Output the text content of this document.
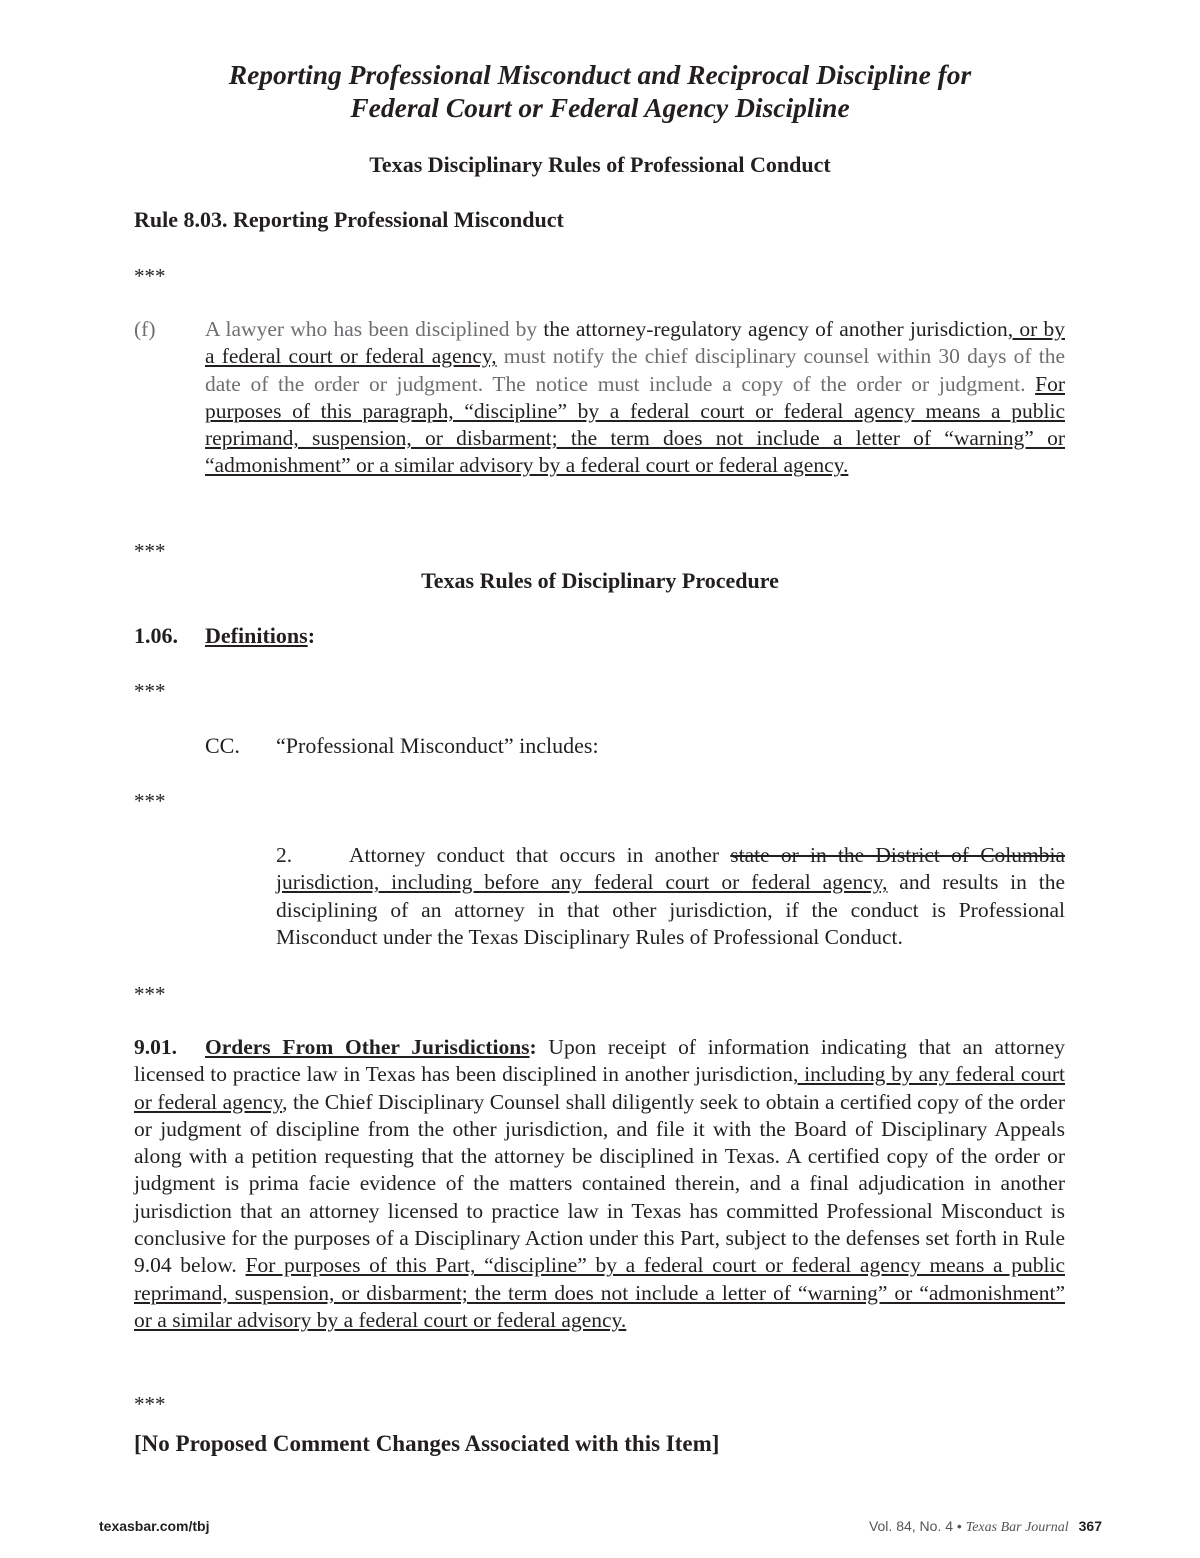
Reporting Professional Misconduct and Reciprocal Discipline for
Federal Court or Federal Agency Discipline
Texas Disciplinary Rules of Professional Conduct
Rule 8.03. Reporting Professional Misconduct
***
(f) A lawyer who has been disciplined by the attorney-regulatory agency of another jurisdiction, or by a federal court or federal agency, must notify the chief disciplinary counsel within 30 days of the date of the order or judgment. The notice must include a copy of the order or judgment. For purposes of this paragraph, “discipline” by a federal court or federal agency means a public reprimand, suspension, or disbarment; the term does not include a letter of “warning” or “admonishment” or a similar advisory by a federal court or federal agency.
***
Texas Rules of Disciplinary Procedure
1.06. Definitions:
***
CC. “Professional Misconduct” includes:
***
2.	Attorney conduct that occurs in another state or in the District of Columbia jurisdiction, including before any federal court or federal agency, and results in the disciplining of an attorney in that other jurisdiction, if the conduct is Professional Misconduct under the Texas Disciplinary Rules of Professional Conduct.
***
9.01. Orders From Other Jurisdictions: Upon receipt of information indicating that an attorney licensed to practice law in Texas has been disciplined in another jurisdiction, including by any federal court or federal agency, the Chief Disciplinary Counsel shall diligently seek to obtain a certified copy of the order or judgment of discipline from the other jurisdiction, and file it with the Board of Disciplinary Appeals along with a petition requesting that the attorney be disciplined in Texas. A certified copy of the order or judgment is prima facie evidence of the matters contained therein, and a final adjudication in another jurisdiction that an attorney licensed to practice law in Texas has committed Professional Misconduct is conclusive for the purposes of a Disciplinary Action under this Part, subject to the defenses set forth in Rule 9.04 below. For purposes of this Part, “discipline” by a federal court or federal agency means a public reprimand, suspension, or disbarment; the term does not include a letter of “warning” or “admonishment” or a similar advisory by a federal court or federal agency.
***
[No Proposed Comment Changes Associated with this Item]
texasbar.com/tbj	Vol. 84, No. 4 • Texas Bar Journal 367
